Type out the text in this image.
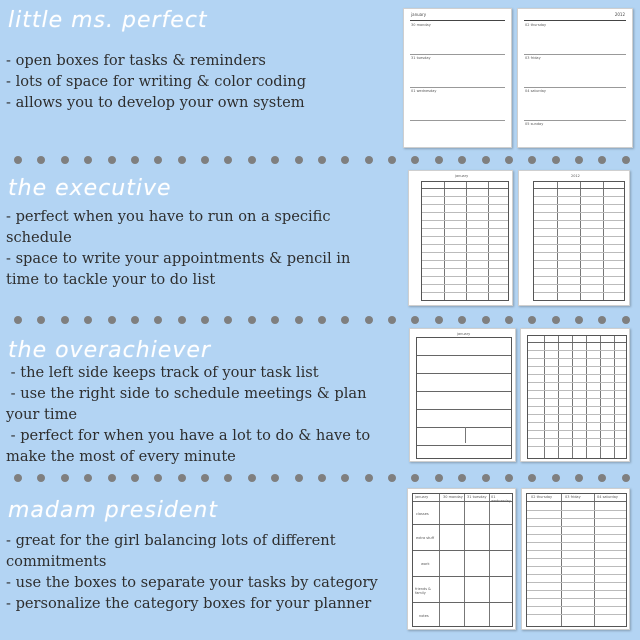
little ms. perfect
- open boxes for tasks & reminders
- lots of space for writing & color coding
- allows you to develop your own system
january
30 monday
31 tuesday
01 wednesday
2012
02 thursday
03 friday
04 saturday
05 sunday
the executive
- perfect when you have to run on a specific schedule
- space to write your appointments & pencil in time to tackle your to do list
january	2012
the overachiever
- the left side keeps track of your task list
- use the right side to schedule meetings & plan your time
- perfect for when you have a lot to do & have to make the most of every minute
january
madam president
- great for the girl balancing lots of different commitments
- use the boxes to separate your tasks by category
- personalize the category boxes for your planner
january	30 monday 31 tuesday 01 wednesday
classes
extra stuff
work
friends & family
notes
02 thursday	03 friday	04 saturday
